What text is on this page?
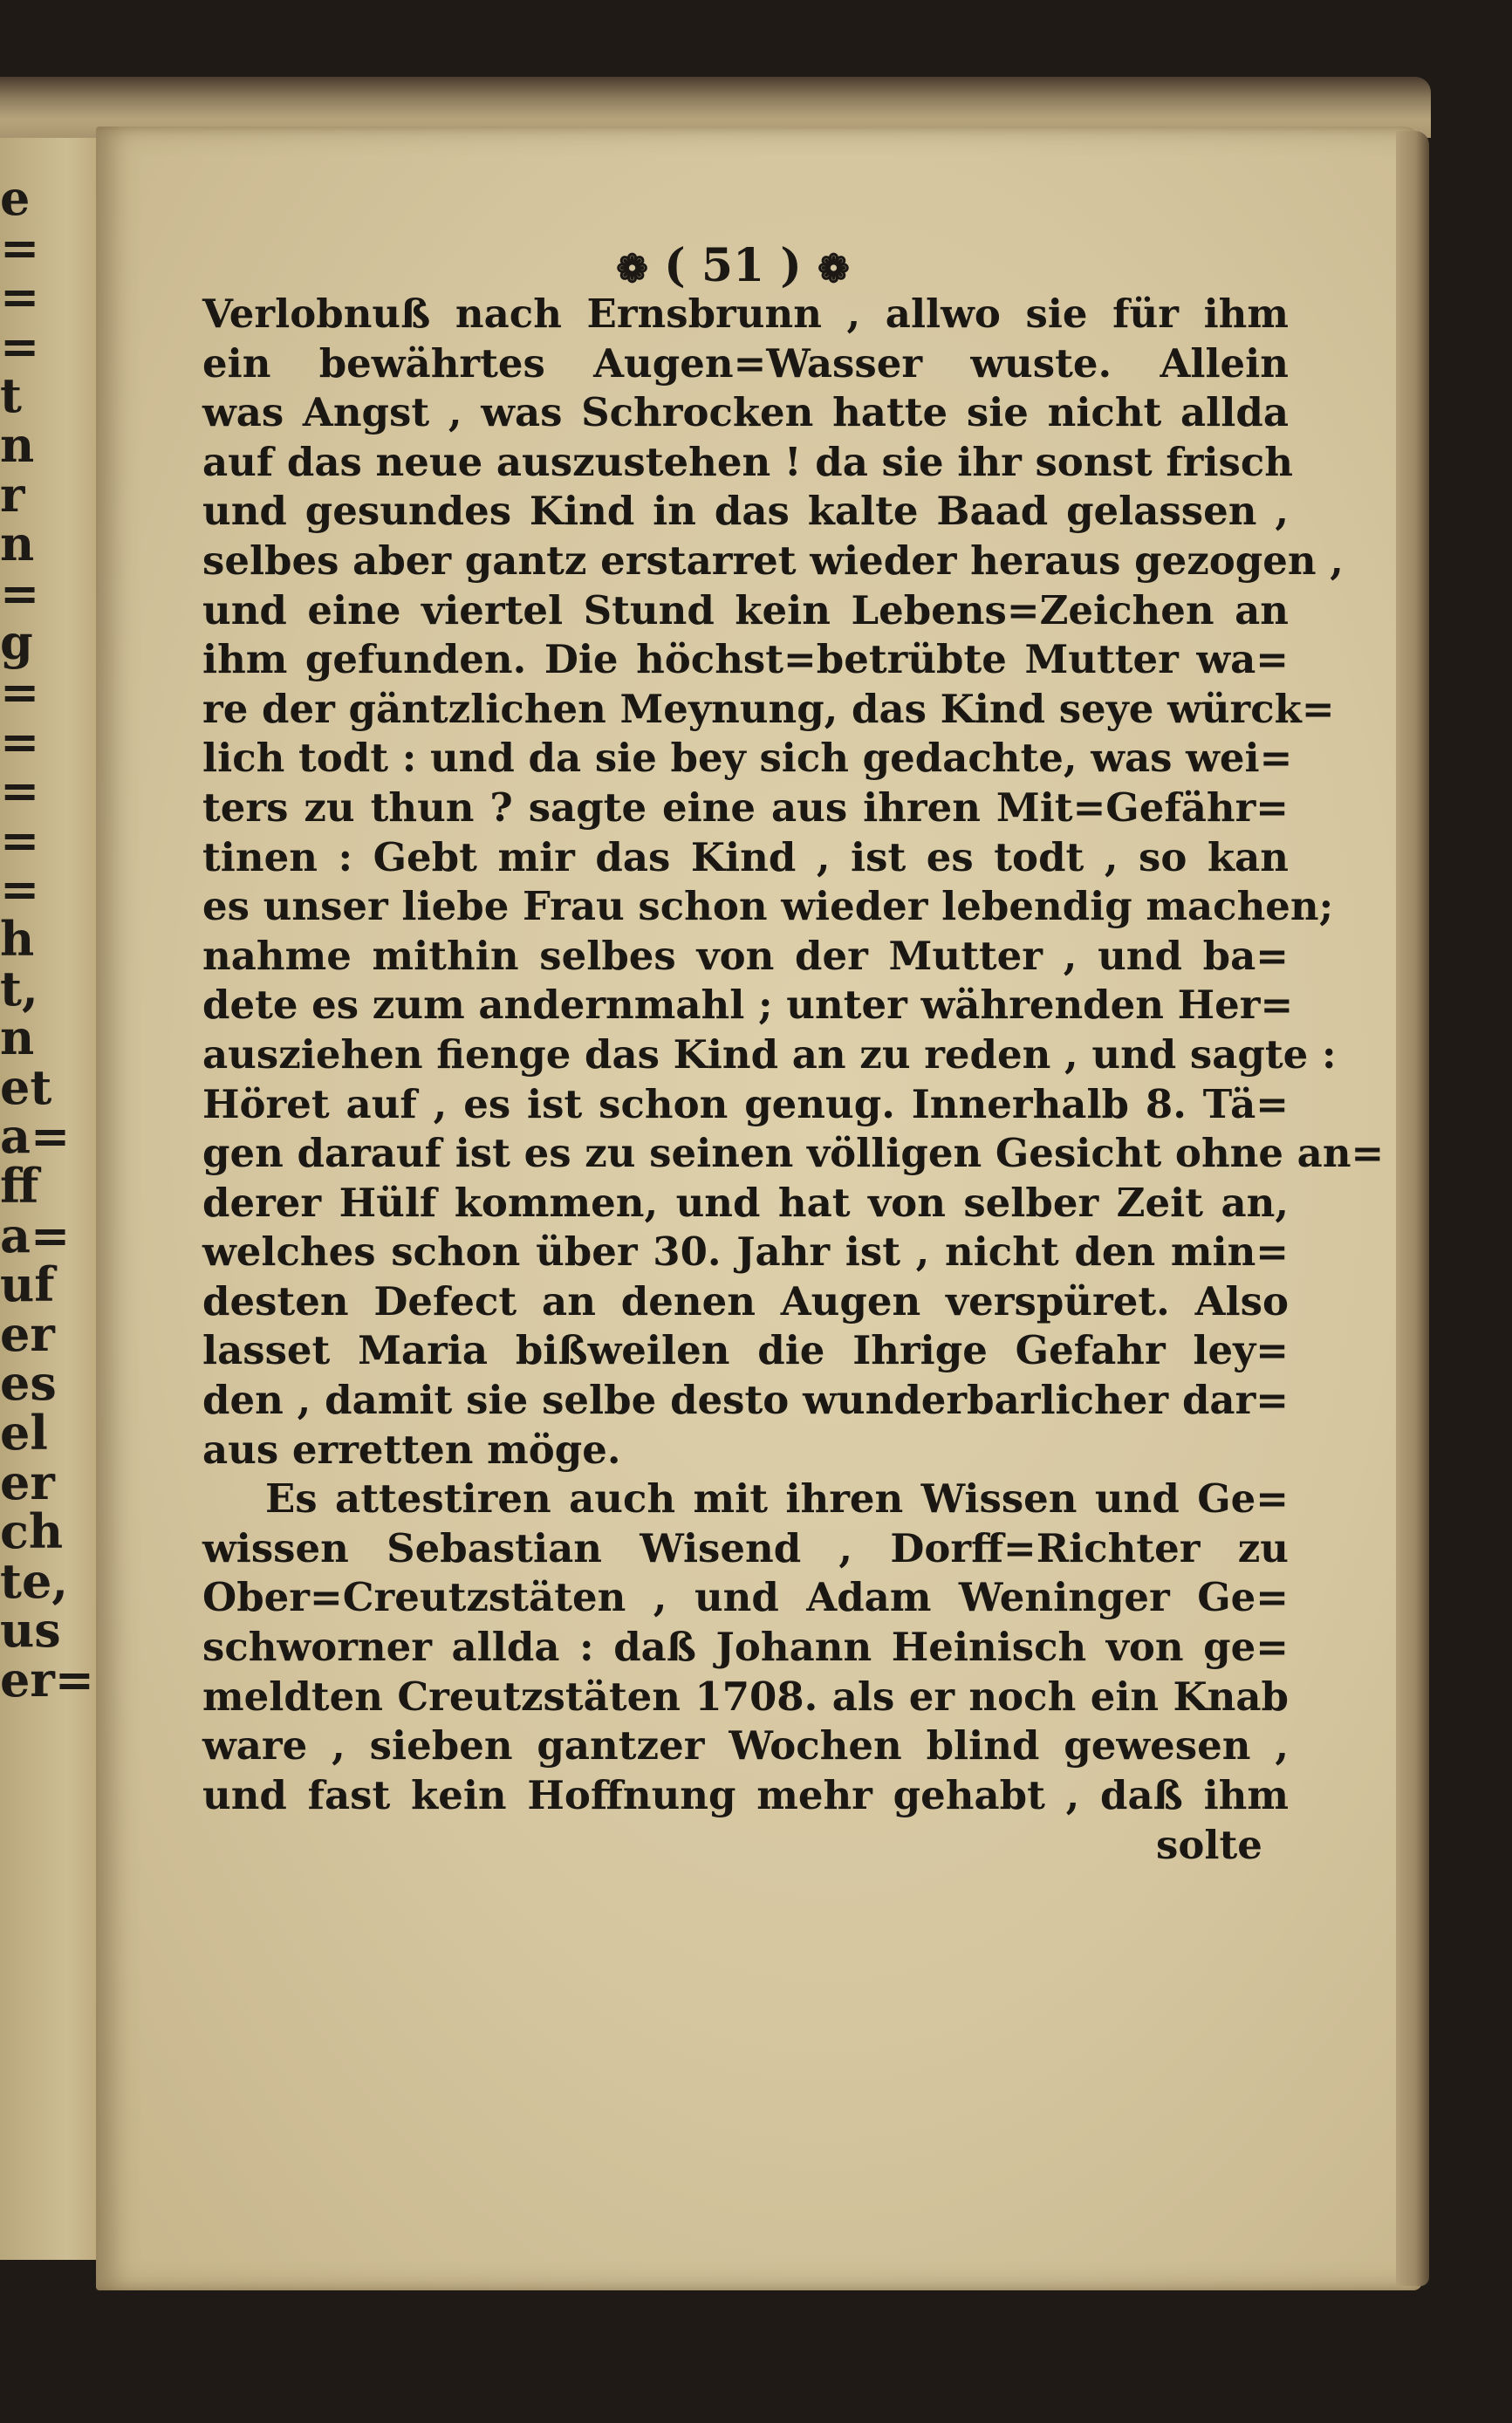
e
=
=
=
t
n
r
n
=
g
=
=
=
=
=
h
t,
n
et
a=
ff
a=
uf
er
es
el
er
ch
te,
us
er=
❁ ( 51 ) ❁
Verlobnuß nach Ernsbrunn , allwo sie für ihm
ein bewährtes Augen=Wasser wuste. Allein
was Angst , was Schrocken hatte sie nicht allda
auf das neue auszustehen ! da sie ihr sonst frisch
und gesundes Kind in das kalte Baad gelassen ,
selbes aber gantz erstarret wieder heraus gezogen ,
und eine viertel Stund kein Lebens=Zeichen an
ihm gefunden. Die höchst=betrübte Mutter wa=
re der gäntzlichen Meynung, das Kind seye würck=
lich todt : und da sie bey sich gedachte, was wei=
ters zu thun ? sagte eine aus ihren Mit=Gefähr=
tinen : Gebt mir das Kind , ist es todt , so kan
es unser liebe Frau schon wieder lebendig machen;
nahme mithin selbes von der Mutter , und ba=
dete es zum andernmahl ; unter währenden Her=
ausziehen fienge das Kind an zu reden , und sagte :
Höret auf , es ist schon genug. Innerhalb 8. Tä=
gen darauf ist es zu seinen völligen Gesicht ohne an=
derer Hülf kommen, und hat von selber Zeit an,
welches schon über 30. Jahr ist , nicht den min=
desten Defect an denen Augen verspüret. Also
lasset Maria bißweilen die Ihrige Gefahr ley=
den , damit sie selbe desto wunderbarlicher dar=
aus erretten möge.
Es attestiren auch mit ihren Wissen und Ge=
wissen Sebastian Wisend , Dorff=Richter zu
Ober=Creutzstäten , und Adam Weninger Ge=
schworner allda : daß Johann Heinisch von ge=
meldten Creutzstäten 1708. als er noch ein Knab
ware , sieben gantzer Wochen blind gewesen ,
und fast kein Hoffnung mehr gehabt , daß ihm
solte
